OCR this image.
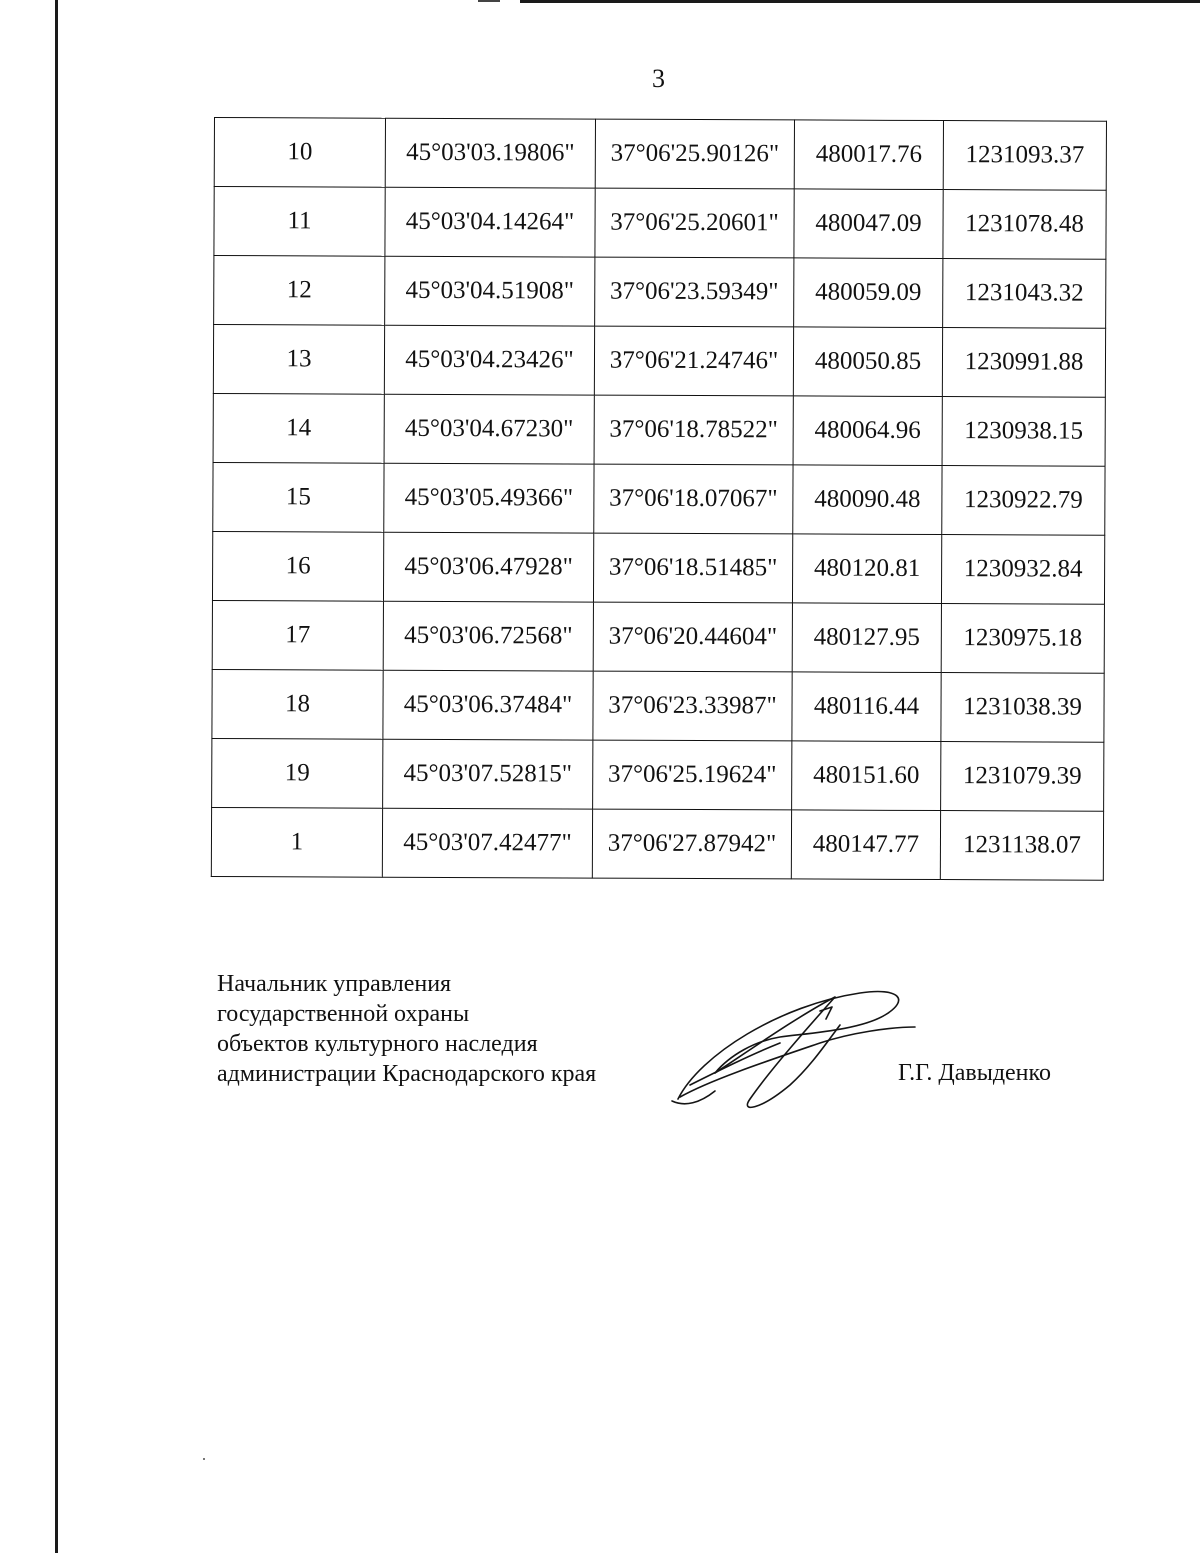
3
10	45°03'03.19806"	37°06'25.90126"	480017.76	1231093.37
11	45°03'04.14264"	37°06'25.20601"	480047.09	1231078.48
12	45°03'04.51908"	37°06'23.59349"	480059.09	1231043.32
13	45°03'04.23426"	37°06'21.24746"	480050.85	1230991.88
14	45°03'04.67230"	37°06'18.78522"	480064.96	1230938.15
15	45°03'05.49366"	37°06'18.07067"	480090.48	1230922.79
16	45°03'06.47928"	37°06'18.51485"	480120.81	1230932.84
17	45°03'06.72568"	37°06'20.44604"	480127.95	1230975.18
18	45°03'06.37484"	37°06'23.33987"	480116.44	1231038.39
19	45°03'07.52815"	37°06'25.19624"	480151.60	1231079.39
1	45°03'07.42477"	37°06'27.87942"	480147.77	1231138.07
Начальник управления
государственной охраны
объектов культурного наследия
администрации Краснодарского края	Г.Г. Давыденко
